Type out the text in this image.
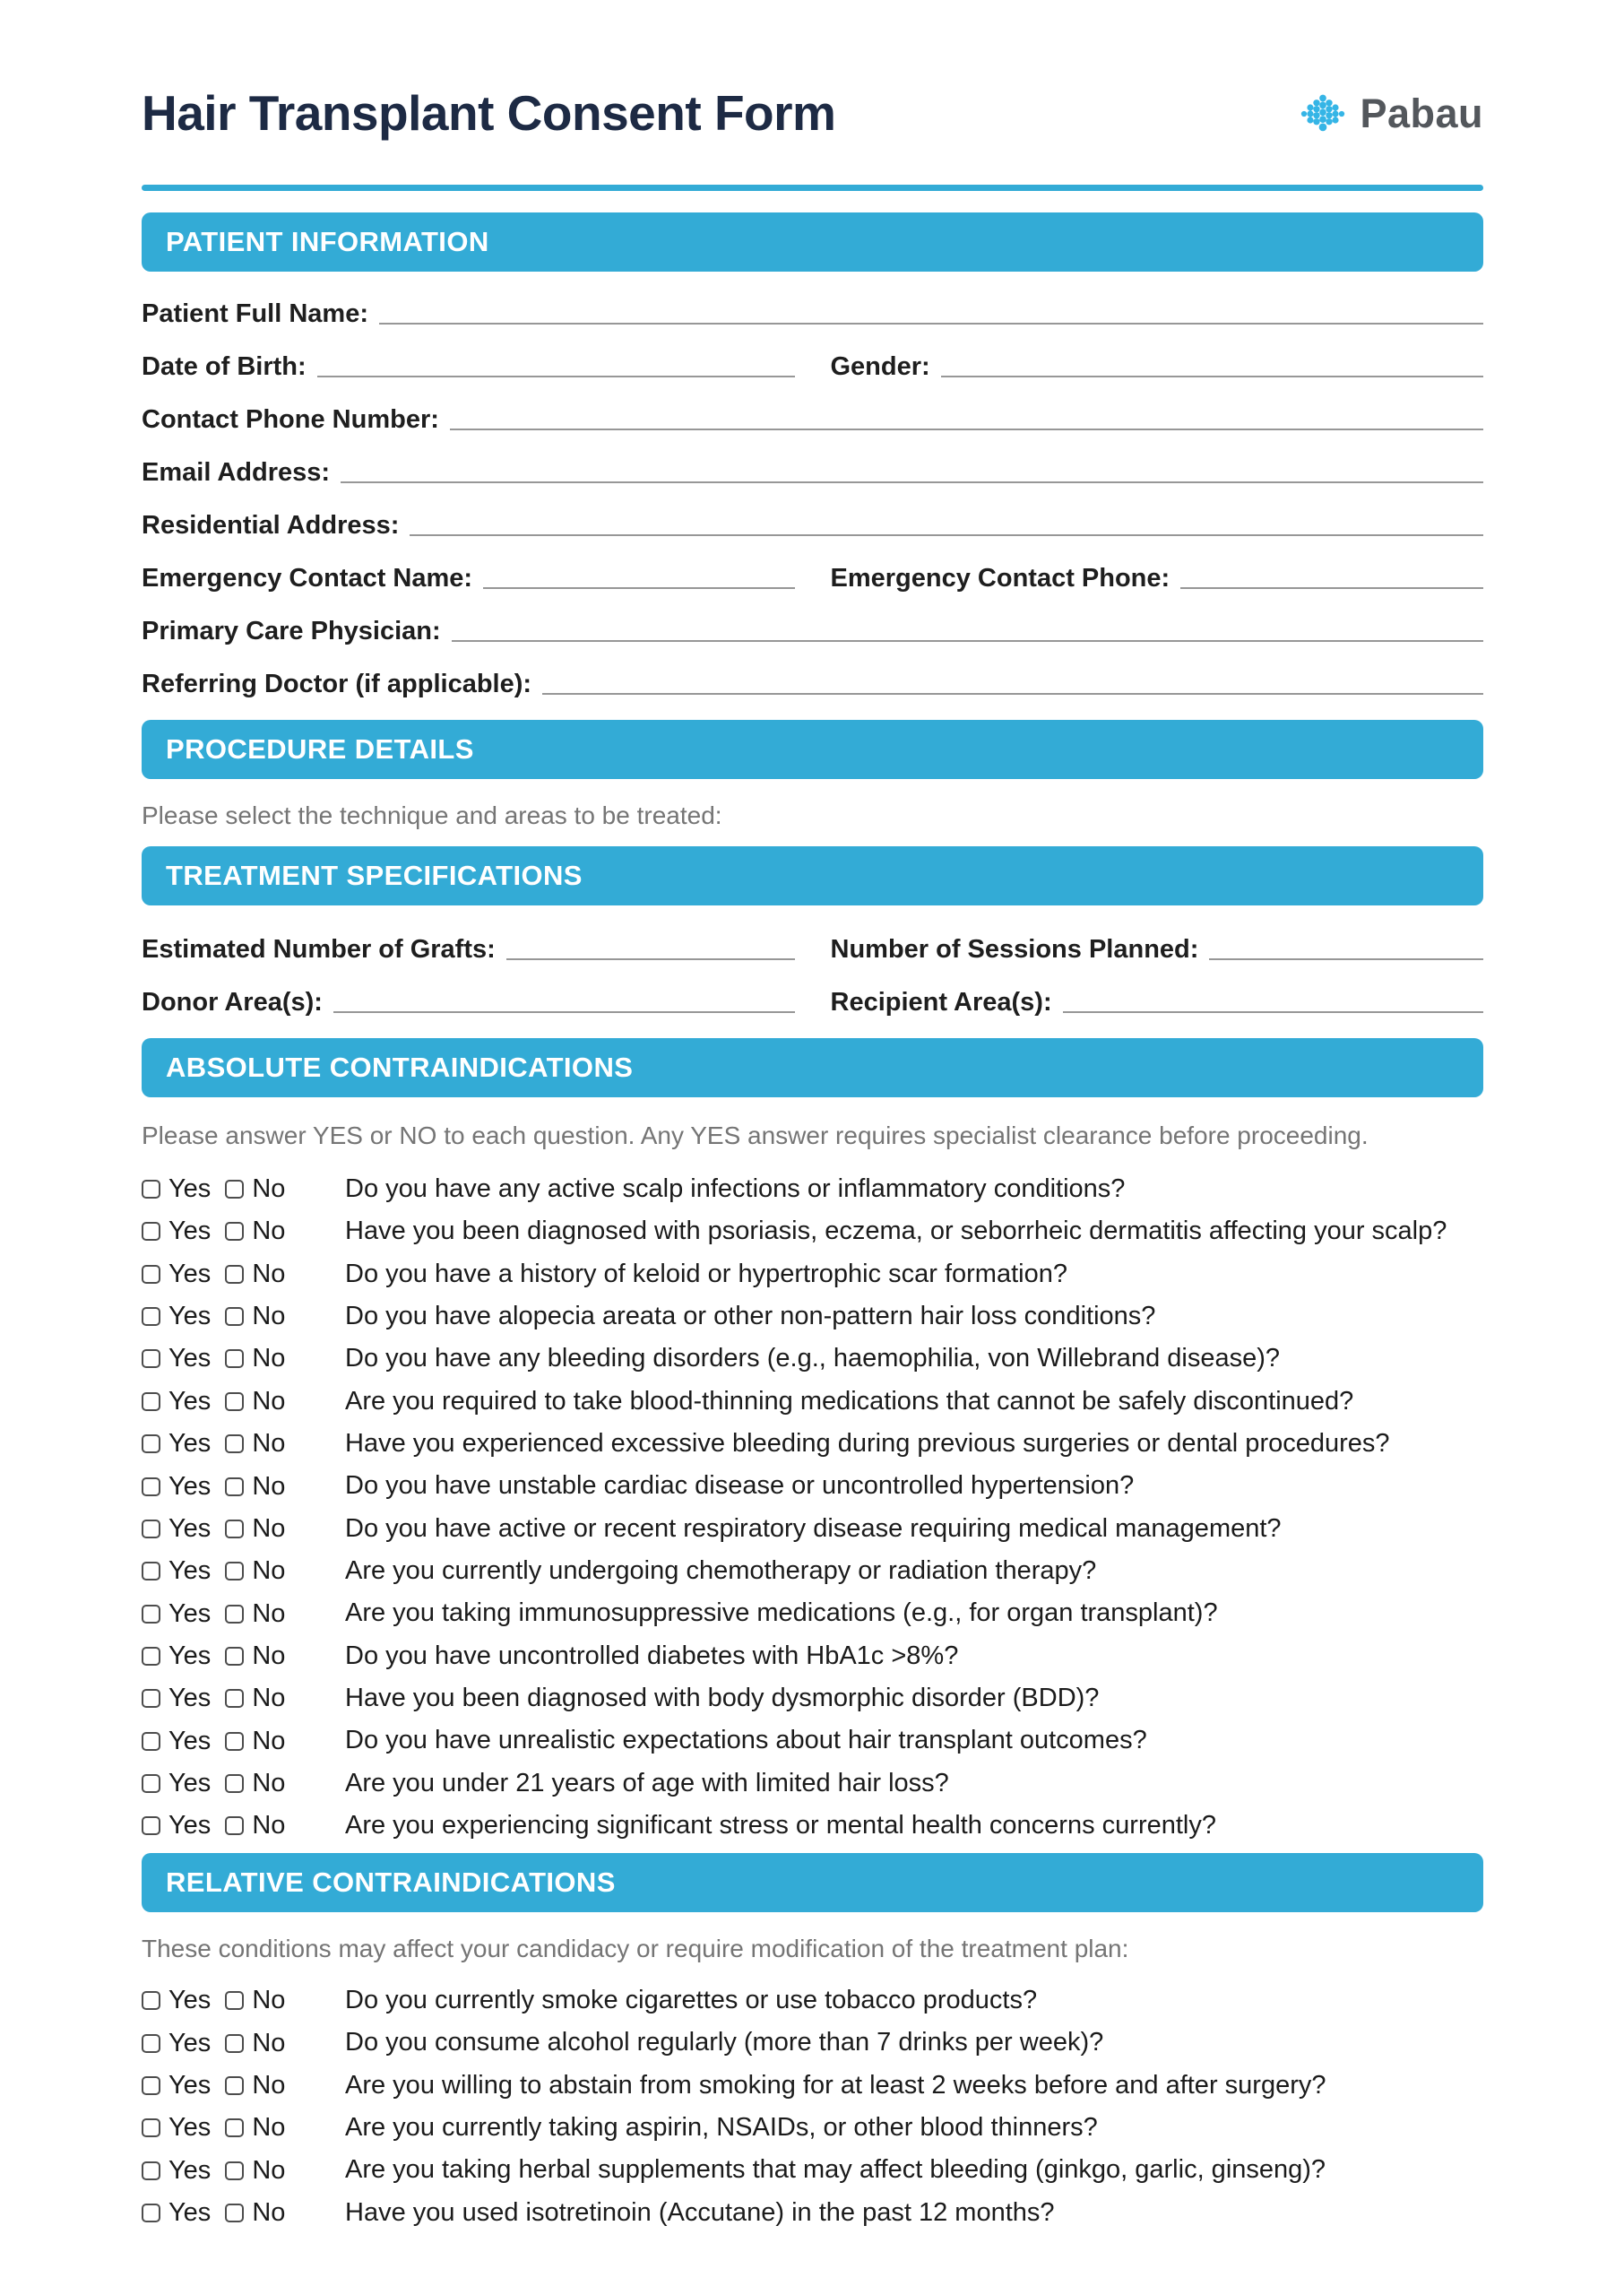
Hair Transplant Consent Form	Pabau
PATIENT INFORMATION
Patient Full Name:
Date of Birth:	Gender:
Contact Phone Number:
Email Address:
Residential Address:
Emergency Contact Name:	Emergency Contact Phone:
Primary Care Physician:
Referring Doctor (if applicable):
PROCEDURE DETAILS
Please select the technique and areas to be treated:
TREATMENT SPECIFICATIONS
Estimated Number of Grafts:	Number of Sessions Planned:
Donor Area(s):	Recipient Area(s):
ABSOLUTE CONTRAINDICATIONS
Please answer YES or NO to each question. Any YES answer requires specialist clearance before proceeding.
Yes No Do you have any active scalp infections or inflammatory conditions?
Yes No Have you been diagnosed with psoriasis, eczema, or seborrheic dermatitis affecting your scalp?
Yes No Do you have a history of keloid or hypertrophic scar formation?
Yes No Do you have alopecia areata or other non-pattern hair loss conditions?
Yes No Do you have any bleeding disorders (e.g., haemophilia, von Willebrand disease)?
Yes No Are you required to take blood-thinning medications that cannot be safely discontinued?
Yes No Have you experienced excessive bleeding during previous surgeries or dental procedures?
Yes No Do you have unstable cardiac disease or uncontrolled hypertension?
Yes No Do you have active or recent respiratory disease requiring medical management?
Yes No Are you currently undergoing chemotherapy or radiation therapy?
Yes No Are you taking immunosuppressive medications (e.g., for organ transplant)?
Yes No Do you have uncontrolled diabetes with HbA1c >8%?
Yes No Have you been diagnosed with body dysmorphic disorder (BDD)?
Yes No Do you have unrealistic expectations about hair transplant outcomes?
Yes No Are you under 21 years of age with limited hair loss?
Yes No Are you experiencing significant stress or mental health concerns currently?
RELATIVE CONTRAINDICATIONS
These conditions may affect your candidacy or require modification of the treatment plan:
Yes No Do you currently smoke cigarettes or use tobacco products?
Yes No Do you consume alcohol regularly (more than 7 drinks per week)?
Yes No Are you willing to abstain from smoking for at least 2 weeks before and after surgery?
Yes No Are you currently taking aspirin, NSAIDs, or other blood thinners?
Yes No Are you taking herbal supplements that may affect bleeding (ginkgo, garlic, ginseng)?
Yes No Have you used isotretinoin (Accutane) in the past 12 months?
